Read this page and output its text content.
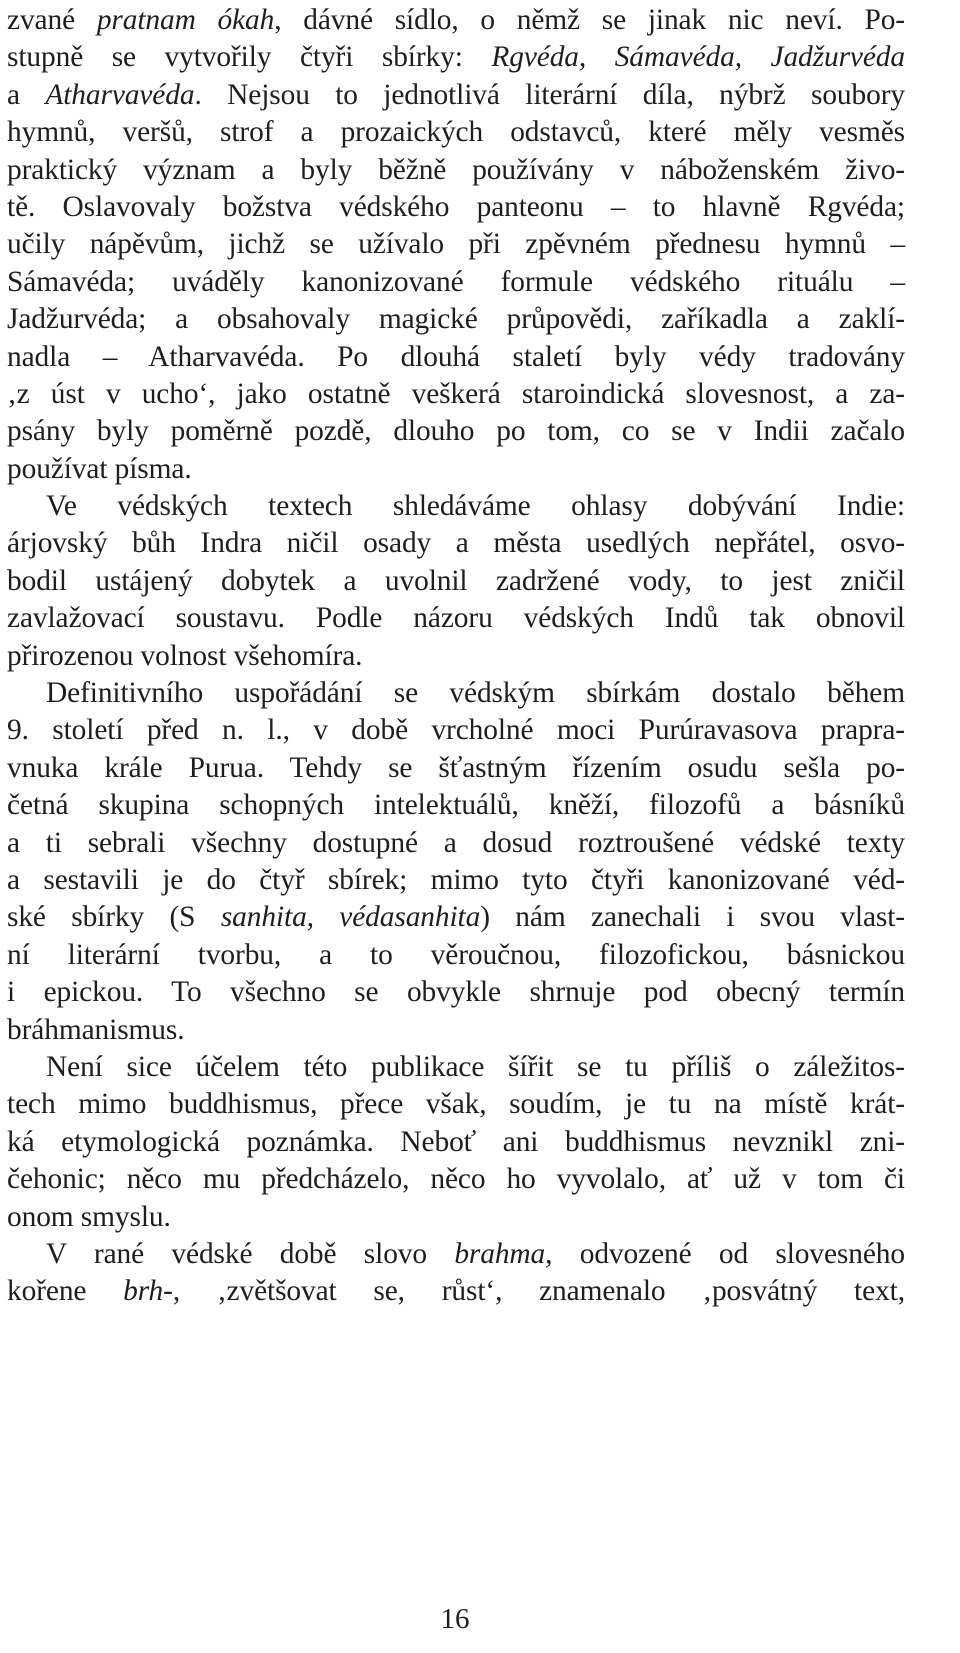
zvané pratnam ókah, dávné sídlo, o němž se jinak nic neví. Po-
stupně se vytvořily čtyři sbírky: Rgvéda, Sámavéda, Jadžurvéda
a Atharvavéda. Nejsou to jednotlivá literární díla, nýbrž soubory
hymnů, veršů, strof a prozaických odstavců, které měly vesměs
praktický význam a byly běžně používány v náboženském živo-
tě. Oslavovaly božstva védského panteonu – to hlavně Rgvéda;
učily nápěvům, jichž se užívalo při zpěvném přednesu hymnů –
Sámavéda; uváděly kanonizované formule védského rituálu –
Jadžurvéda; a obsahovaly magické průpovědi, zaříkadla a zaklí-
nadla – Atharvavéda. Po dlouhá staletí byly védy tradovány
‚z úst v ucho‘, jako ostatně veškerá staroindická slovesnost, a za-
psány byly poměrně pozdě, dlouho po tom, co se v Indii začalo
používat písma.
Ve védských textech shledáváme ohlasy dobývání Indie:
árjovský bůh Indra ničil osady a města usedlých nepřátel, osvo-
bodil ustájený dobytek a uvolnil zadržené vody, to jest zničil
zavlažovací soustavu. Podle názoru védských Indů tak obnovil
přirozenou volnost všehomíra.
Definitivního uspořádání se védským sbírkám dostalo během
9. století před n. l., v době vrcholné moci Purúravasova prapra-
vnuka krále Purua. Tehdy se šťastným řízením osudu sešla po-
četná skupina schopných intelektuálů, kněží, filozofů a básníků
a ti sebrali všechny dostupné a dosud roztroušené védské texty
a sestavili je do čtyř sbírek; mimo tyto čtyři kanonizované véd-
ské sbírky (S sanhita, védasanhita) nám zanechali i svou vlast-
ní literární tvorbu, a to věroučnou, filozofickou, básnickou
i epickou. To všechno se obvykle shrnuje pod obecný termín
bráhmanismus.
Není sice účelem této publikace šířit se tu příliš o záležitos-
tech mimo buddhismus, přece však, soudím, je tu na místě krát-
ká etymologická poznámka. Neboť ani buddhismus nevznikl zni-
čehonic; něco mu předcházelo, něco ho vyvolalo, ať už v tom či
onom smyslu.
V rané védské době slovo brahma, odvozené od slovesného
kořene brh-, ‚zvětšovat se, růst‘, znamenalo ‚posvátný text,
16
